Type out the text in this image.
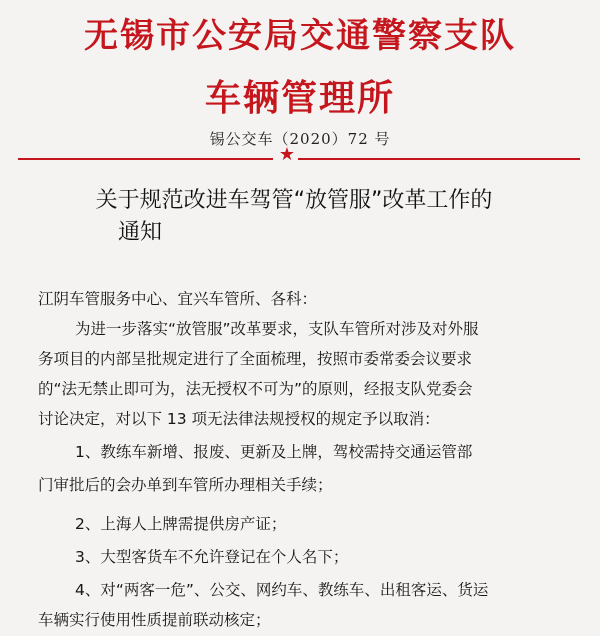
无锡市公安局交通警察支队
车辆管理所
锡公交车（2020）72 号
★
关于规范改进车驾管“放管服”改革工作的
通知
江阴车管服务中心、宜兴车管所、各科：
为进一步落实“放管服”改革要求，支队车管所对涉及对外服
务项目的内部呈批规定进行了全面梳理，按照市委常委会议要求
的“法无禁止即可为，法无授权不可为”的原则，经报支队党委会
讨论决定，对以下 13 项无法律法规授权的规定予以取消：
1、教练车新增、报废、更新及上牌，驾校需持交通运管部
门审批后的会办单到车管所办理相关手续；
2、上海人上牌需提供房产证；
3、大型客货车不允许登记在个人名下；
4、对“两客一危”、公交、网约车、教练车、出租客运、货运
车辆实行使用性质提前联动核定；
